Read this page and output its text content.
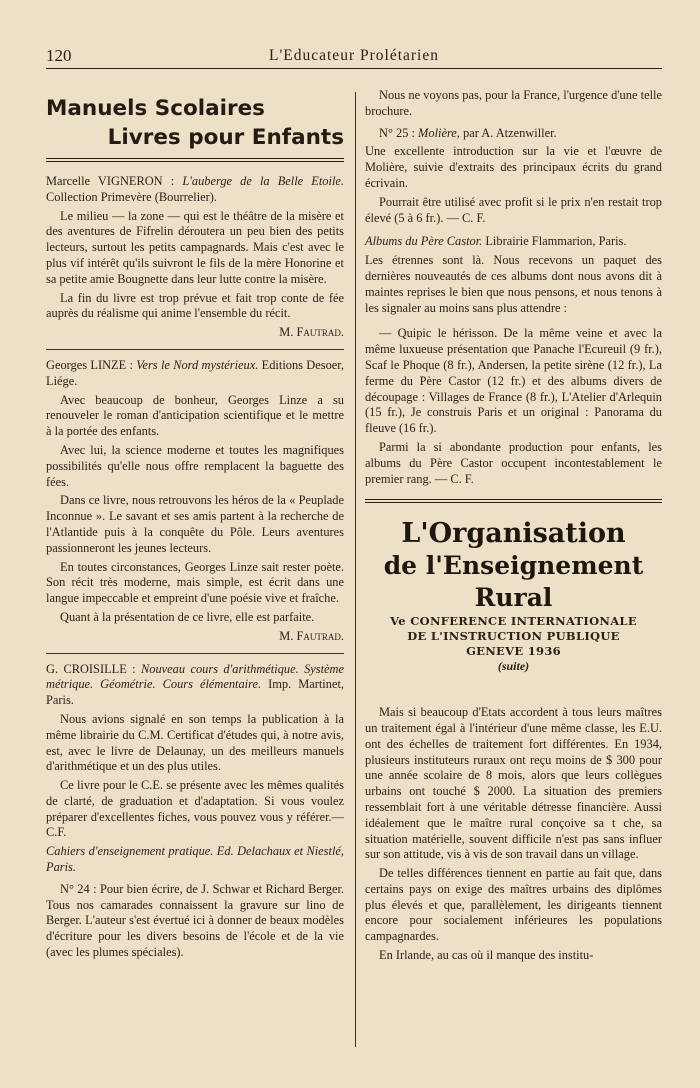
120	L'Educateur Prolétarien
Manuels Scolaires
Livres pour Enfants

Marcelle VIGNERON : L'auberge de la Belle Etoile. Collection Primevère (Bourrelier).

Le milieu — la zone — qui est le théâtre de la misère et des aventures de Fifrelin déroutera un peu bien des petits lecteurs, surtout les petits campagnards. Mais c'est avec le plus vif intérêt qu'ils suivront le fils de la mère Honorine et sa petite amie Bougnette dans leur lutte contre la misère.

La fin du livre est trop prévue et fait trop conte de fée auprès du réalisme qui anime l'ensemble du récit.

M. Fautrad.

Georges LINZE : Vers le Nord mystérieux. Editions Desoer, Liége.

Avec beaucoup de bonheur, Georges Linze a su renouveler le roman d'anticipation scientifique et le mettre à la portée des enfants.

Avec lui, la science moderne et toutes les magnifiques possibilités qu'elle nous offre remplacent la baguette des fées.

Dans ce livre, nous retrouvons les héros de la « Peuplade Inconnue ». Le savant et ses amis partent à la recherche de l'Atlantide puis à la conquête du Pôle. Leurs aventures passionneront les jeunes lecteurs.

En toutes circonstances, Georges Linze sait rester poète. Son récit très moderne, mais simple, est écrit dans une langue impeccable et empreint d'une poésie vive et fraîche.

Quant à la présentation de ce livre, elle est parfaite.

M. Fautrad.

G. CROISILLE : Nouveau cours d'arithmétique. Système métrique. Géométrie. Cours élémentaire. Imp. Martinet, Paris.

Nous avions signalé en son temps la publication à la même librairie du C.M. Certificat d'études qui, à notre avis, est, avec le livre de Delaunay, un des meilleurs manuels d'arithmétique et un des plus utiles.

Ce livre pour le C.E. se présente avec les mêmes qualités de clarté, de graduation et d'adaptation. Si vous voulez préparer d'excellentes fiches, vous pouvez vous y référer.— C.F.

Cahiers d'enseignement pratique. Ed. Delachaux et Niestlé, Paris.

N° 24 : Pour bien écrire, de J. Schwar et Richard Berger. Tous nos camarades connaissent la gravure sur lino de Berger. L'auteur s'est évertué ici à donner de beaux modèles d'écriture pour les divers besoins de l'école et de la vie (avec les plumes spéciales).

Nous ne voyons pas, pour la France, l'urgence d'une telle brochure.

N° 25 : Molière, par A. Atzenwiller.

Une excellente introduction sur la vie et l'œuvre de Molière, suivie d'extraits des principaux écrits du grand écrivain.

Pourrait être utilisé avec profit si le prix n'en restait trop élevé (5 à 6 fr.). — C. F.

Albums du Père Castor. Librairie Flammarion, Paris.

Les étrennes sont là. Nous recevons un paquet des dernières nouveautés de ces albums dont nous avons dit à maintes reprises le bien que nous pensons, et nous tenons à les signaler au moins sans plus attendre :

— Quipic le hérisson. De la même veine et avec la même luxueuse présentation que Panache l'Ecureuil (9 fr.), Scaf le Phoque (8 fr.), Andersen, la petite sirène (12 fr.), La ferme du Père Castor (12 fr.) et des albums divers de découpage : Villages de France (8 fr.), L'Atelier d'Arlequin (15 fr.), Je construis Paris et un original : Panorama du fleuve (16 fr.).

Parmi la si abondante production pour enfants, les albums du Père Castor occupent incontestablement le premier rang. — C. F.

L'Organisation
de l'Enseignement Rural
Ve CONFERENCE INTERNATIONALE
DE L'INSTRUCTION PUBLIQUE
GENEVE 1936
(suite)

Mais si beaucoup d'Etats accordent à tous leurs maîtres un traitement égal à l'intérieur d'une même classe, les E.U. ont des échelles de traitement fort différentes. En 1934, plusieurs instituteurs ruraux ont reçu moins de $ 300 pour une année scolaire de 8 mois, alors que leurs collègues urbains ont touché $ 2000. La situation des premiers ressemblait fort à une véritable détresse financière. Aussi idéalement que le maître rural conçoive sa t che, sa situation matérielle, souvent difficile n'est pas sans influer sur son attitude, vis à vis de son travail dans un village.

De telles différences tiennent en partie au fait que, dans certains pays on exige des maîtres urbains des diplômes plus élevés et que, parallèlement, les dirigeants tiennent encore pour socialement inférieures les populations campagnardes.

En Irlande, au cas où il manque des institu-
